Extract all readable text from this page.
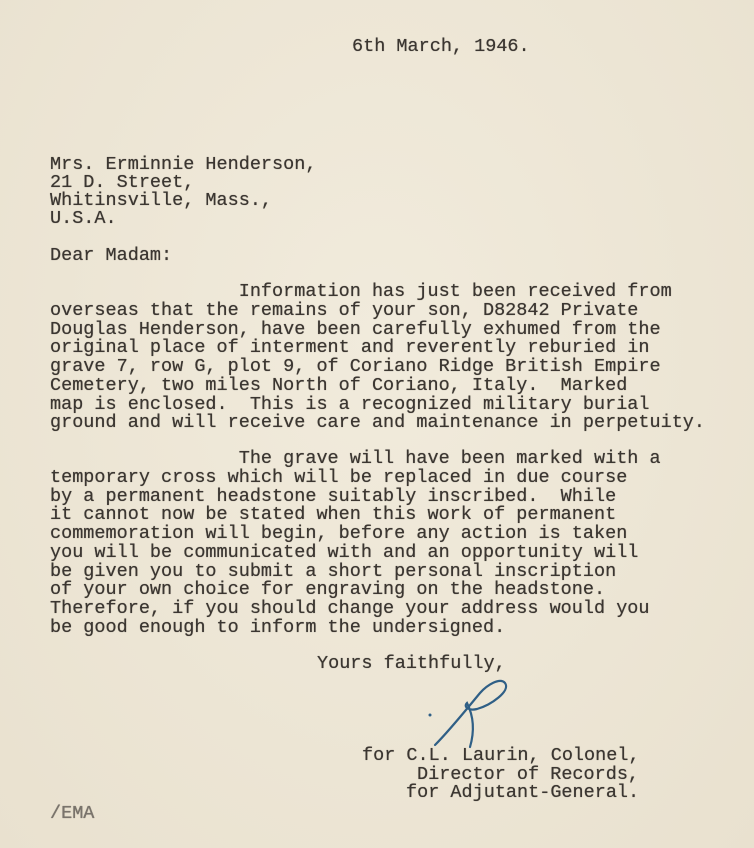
6th March, 1946.
Mrs. Erminnie Henderson,
21 D. Street,
Whitinsville, Mass.,
U.S.A.
Dear Madam:
Information has just been received from
overseas that the remains of your son, D82842 Private
Douglas Henderson, have been carefully exhumed from the
original place of interment and reverently reburied in
grave 7, row G, plot 9, of Coriano Ridge British Empire
Cemetery, two miles North of Coriano, Italy.  Marked
map is enclosed.  This is a recognized military burial
ground and will receive care and maintenance in perpetuity.
The grave will have been marked with a
temporary cross which will be replaced in due course
by a permanent headstone suitably inscribed.  While
it cannot now be stated when this work of permanent
commemoration will begin, before any action is taken
you will be communicated with and an opportunity will
be given you to submit a short personal inscription
of your own choice for engraving on the headstone.
Therefore, if you should change your address would you
be good enough to inform the undersigned.
Yours faithfully,
for C.L. Laurin, Colonel,
Director of Records,
for Adjutant-General.
/EMA
